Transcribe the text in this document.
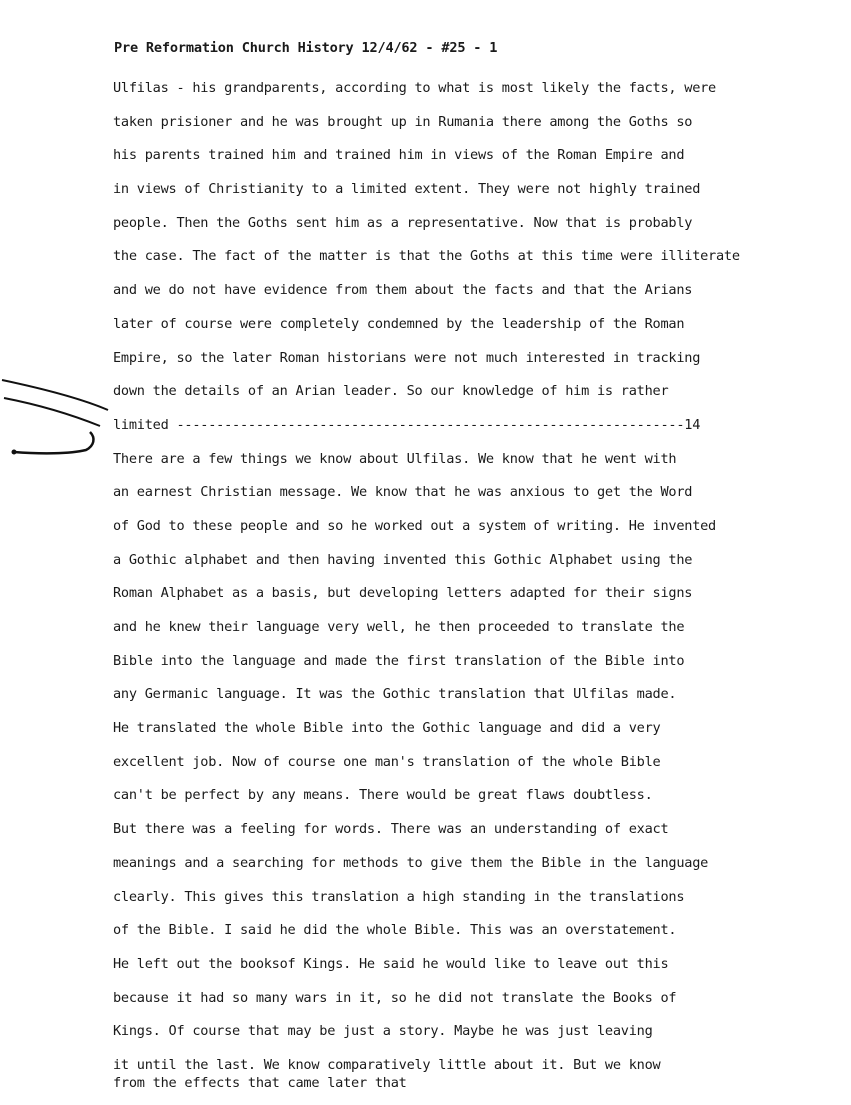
Pre Reformation Church History 12/4/62 - #25 - 1
Ulfilas - his grandparents, according to what is most likely the facts, were
taken prisioner and he was brought up in Rumania there among the Goths so
his parents trained him and trained him in views of the Roman Empire and
in views of Christianity to a limited extent. They were not highly trained
people. Then the Goths sent him as a representative. Now that is probably
the case. The fact of the matter is that the Goths at this time were illiterate
and we do not have evidence from them about the facts and that the Arians
later of course were completely condemned by the leadership of the Roman
Empire, so the later Roman historians were not much interested in tracking
down the details of an Arian leader. So our knowledge of him is rather
limited ----------------------------------------------------------------14
There are a few things we know about Ulfilas. We know that he went with
an earnest Christian message. We know that he was anxious to get the Word
of God to these people and so he worked out a system of writing. He invented
a Gothic alphabet and then having invented this Gothic Alphabet using the
Roman Alphabet as a basis, but developing letters adapted for their signs
and he knew their language very well, he then proceeded to translate the
Bible into the language and made the first translation of the Bible into
any Germanic language. It was the Gothic translation that Ulfilas made.
He translated the whole Bible into the Gothic language and did a very
excellent job. Now of course one man's translation of the whole Bible
can't be perfect by any means. There would be great flaws doubtless.
But there was a feeling for words. There was an understanding of exact
meanings and a searching for methods to give them the Bible in the language
clearly. This gives this translation a high standing in the translations
of the Bible. I said he did the whole Bible. This was an overstatement.
He left out the booksof Kings. He said he would like to leave out this
because it had so many wars in it, so he did not translate the Books of
Kings. Of course that may be just a story. Maybe he was just leaving
it until the last. We know comparatively little about it. But we know
from the effects that came later that
